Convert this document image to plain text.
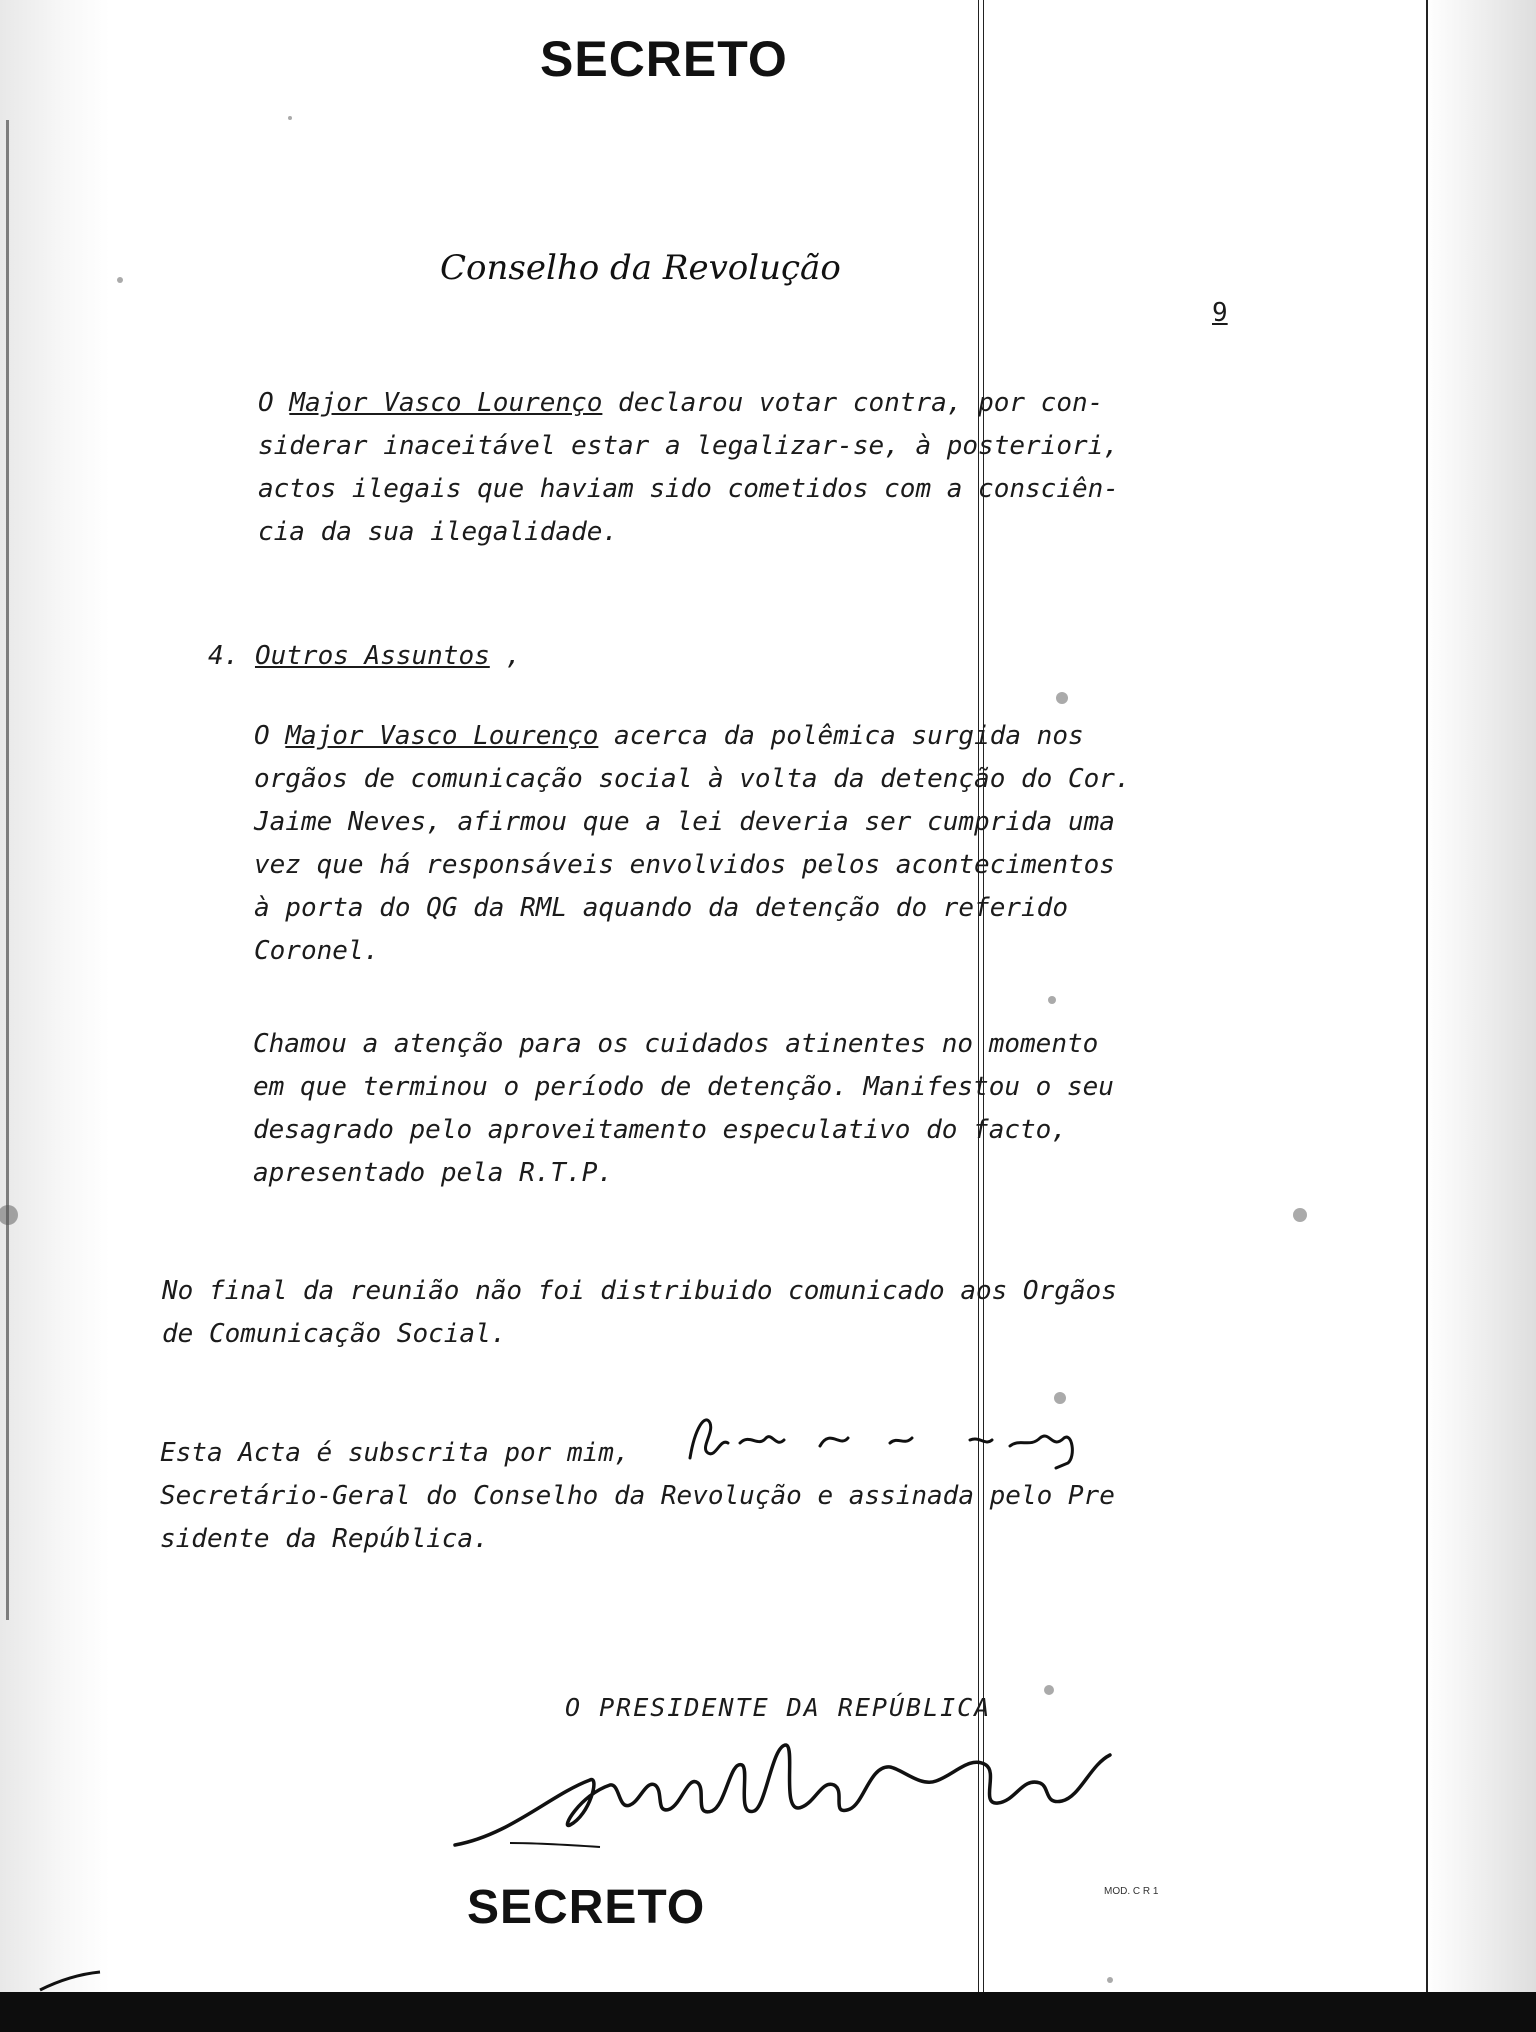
SECRETO
Conselho da Revolução
9
O Major Vasco Lourenço declarou votar contra, por con-
siderar inaceitável estar a legalizar-se, à posteriori,
actos ilegais que haviam sido cometidos com a consciên-
cia da sua ilegalidade.
4. Outros Assuntos ,
O Major Vasco Lourenço acerca da polêmica surgida nos
orgãos de comunicação social à volta da detenção do Cor.
Jaime Neves, afirmou que a lei deveria ser cumprida uma
vez que há responsáveis envolvidos pelos acontecimentos
à porta do QG da RML aquando da detenção do referido
Coronel.
Chamou a atenção para os cuidados atinentes no momento
em que terminou o período de detenção. Manifestou o seu
desagrado pelo aproveitamento especulativo do facto,
apresentado pela R.T.P.
No final da reunião não foi distribuido comunicado aos Orgãos
de Comunicação Social.
Esta Acta é subscrita por mim,
Secretário-Geral do Conselho da Revolução e assinada pelo Pre
sidente da República.
O PRESIDENTE DA REPÚBLICA
SECRETO	MOD. C R 1
